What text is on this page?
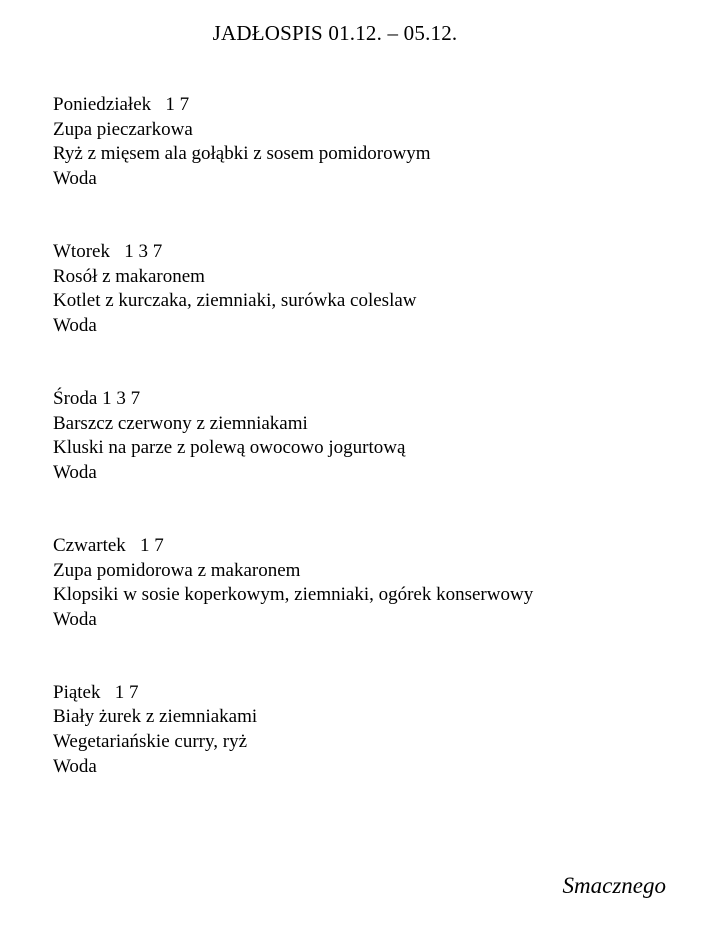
JADŁOSPIS 01.12. – 05.12.
Poniedziałek   1 7
Zupa pieczarkowa
Ryż z mięsem ala gołąbki z sosem pomidorowym
Woda
Wtorek   1 3 7
Rosół z makaronem
Kotlet z kurczaka, ziemniaki, surówka coleslaw
Woda
Środa 1 3 7
Barszcz czerwony z ziemniakami
Kluski na parze z polewą owocowo jogurtową
Woda
Czwartek   1 7
Zupa pomidorowa z makaronem
Klopsiki w sosie koperkowym, ziemniaki, ogórek konserwowy
Woda
Piątek   1 7
Biały żurek z ziemniakami
Wegetariańskie curry, ryż
Woda
Smacznego
